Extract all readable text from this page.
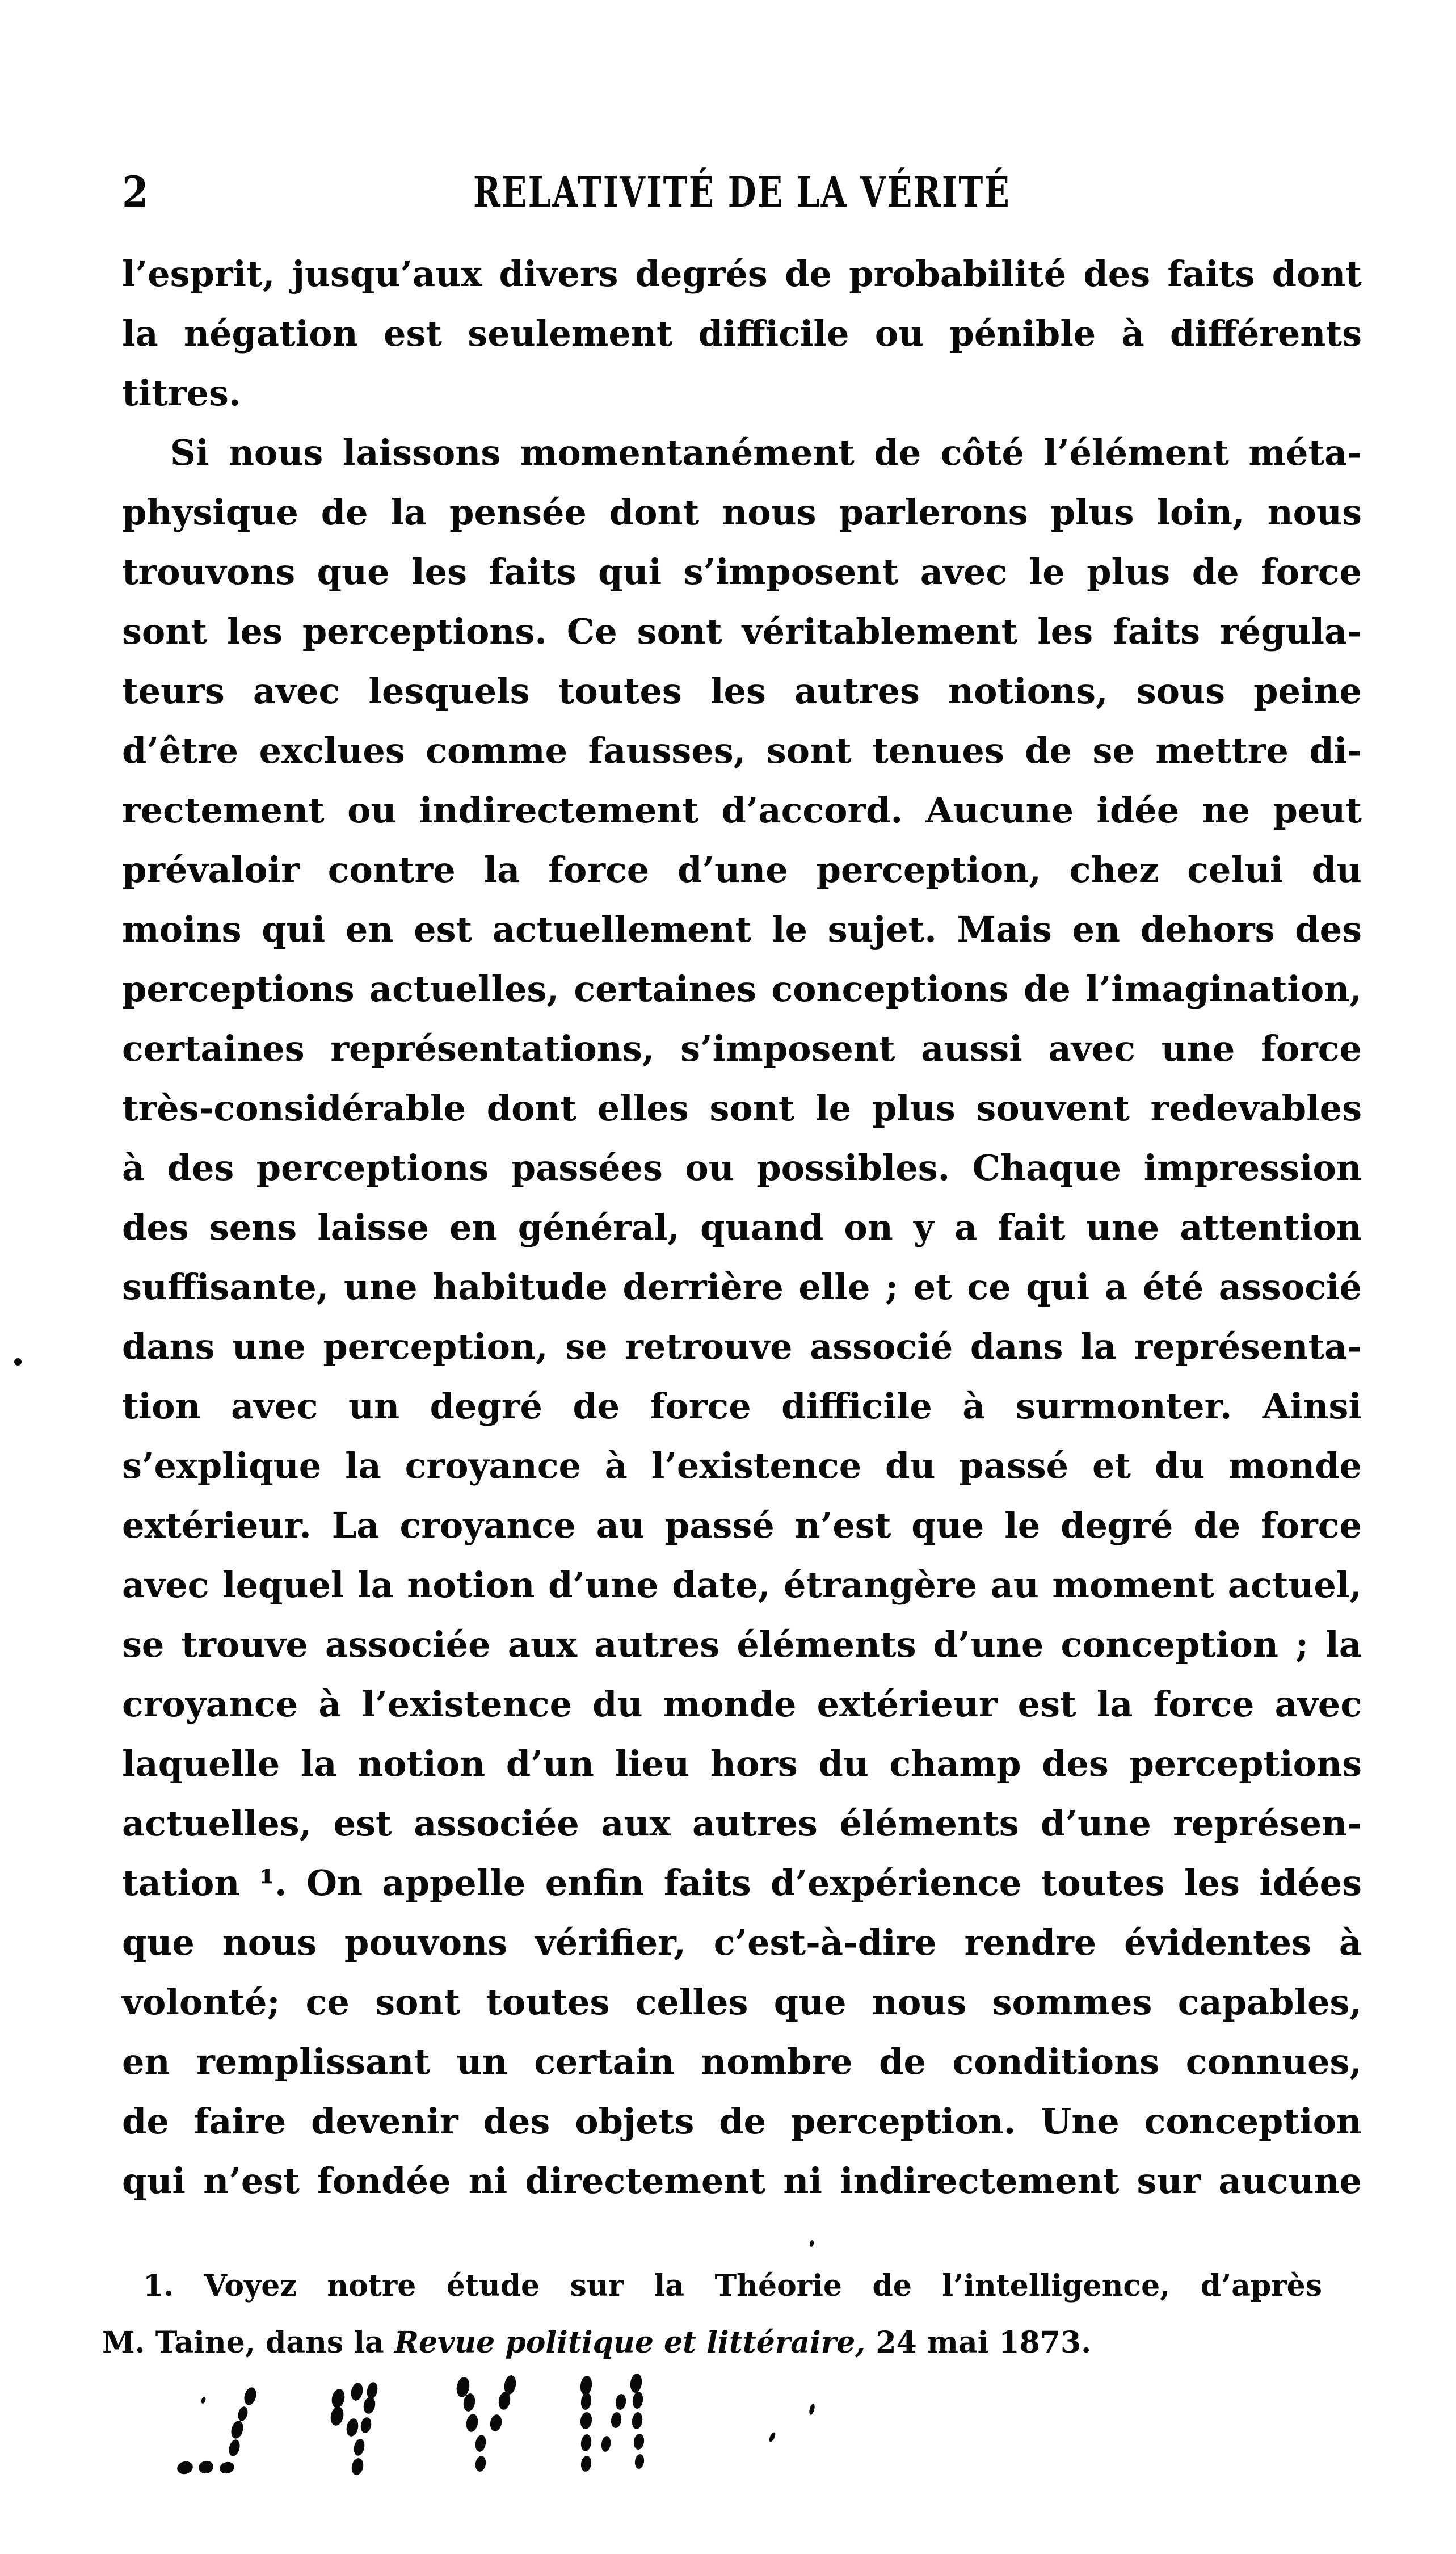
2	RELATIVITÉ DE LA VÉRITÉ
l’esprit, jusqu’aux divers degrés de probabilité des faits dont
la négation est seulement difficile ou pénible à différents
titres.
Si nous laissons momentanément de côté l’élément méta-
physique de la pensée dont nous parlerons plus loin, nous
trouvons que les faits qui s’imposent avec le plus de force
sont les perceptions. Ce sont véritablement les faits régula-
teurs avec lesquels toutes les autres notions, sous peine
d’être exclues comme fausses, sont tenues de se mettre di-
rectement ou indirectement d’accord. Aucune idée ne peut
prévaloir contre la force d’une perception, chez celui du
moins qui en est actuellement le sujet. Mais en dehors des
perceptions actuelles, certaines conceptions de l’imagination,
certaines représentations, s’imposent aussi avec une force
très-considérable dont elles sont le plus souvent redevables
à des perceptions passées ou possibles. Chaque impression
des sens laisse en général, quand on y a fait une attention
suffisante, une habitude derrière elle ; et ce qui a été associé
dans une perception, se retrouve associé dans la représenta-
tion avec un degré de force difficile à surmonter. Ainsi
s’explique la croyance à l’existence du passé et du monde
extérieur. La croyance au passé n’est que le degré de force
avec lequel la notion d’une date, étrangère au moment actuel,
se trouve associée aux autres éléments d’une conception ; la
croyance à l’existence du monde extérieur est la force avec
laquelle la notion d’un lieu hors du champ des perceptions
actuelles, est associée aux autres éléments d’une représen-
tation ¹. On appelle enfin faits d’expérience toutes les idées
que nous pouvons vérifier, c’est-à-dire rendre évidentes à
volonté; ce sont toutes celles que nous sommes capables,
en remplissant un certain nombre de conditions connues,
de faire devenir des objets de perception. Une conception
qui n’est fondée ni directement ni indirectement sur aucune
1. Voyez notre étude sur la Théorie de l’intelligence, d’après
M. Taine, dans la Revue politique et littéraire, 24 mai 1873.
